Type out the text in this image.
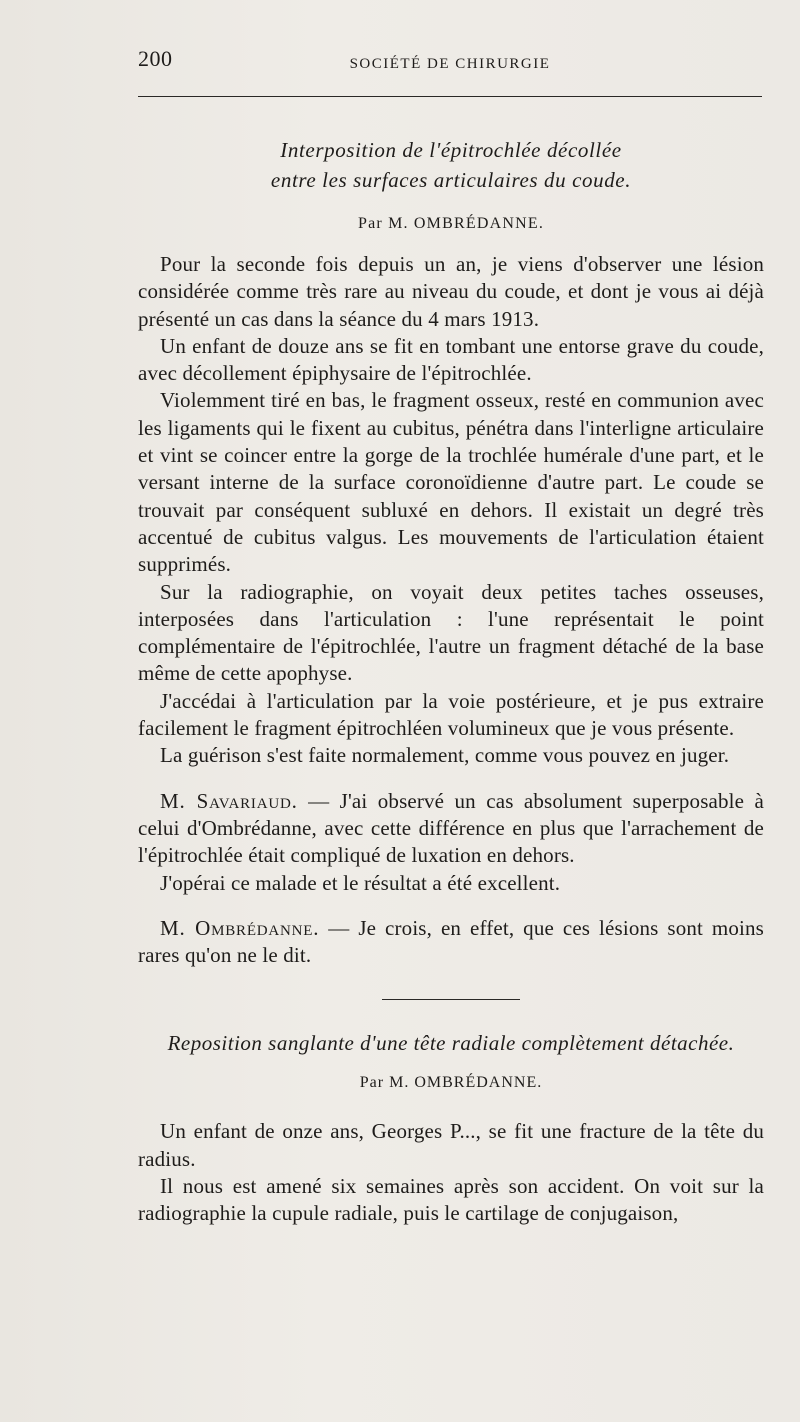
200	SOCIÉTÉ DE CHIRURGIE

Interposition de l'épitrochlée décollée
entre les surfaces articulaires du coude.

Par M. OMBRÉDANNE.

Pour la seconde fois depuis un an, je viens d'observer une lésion considérée comme très rare au niveau du coude, et dont je vous ai déjà présenté un cas dans la séance du 4 mars 1913.

Un enfant de douze ans se fit en tombant une entorse grave du coude, avec décollement épiphysaire de l'épitrochlée.

Violemment tiré en bas, le fragment osseux, resté en communion avec les ligaments qui le fixent au cubitus, pénétra dans l'interligne articulaire et vint se coincer entre la gorge de la trochlée humérale d'une part, et le versant interne de la surface coronoïdienne d'autre part. Le coude se trouvait par conséquent subluxé en dehors. Il existait un degré très accentué de cubitus valgus. Les mouvements de l'articulation étaient supprimés.

Sur la radiographie, on voyait deux petites taches osseuses, interposées dans l'articulation : l'une représentait le point complémentaire de l'épitrochlée, l'autre un fragment détaché de la base même de cette apophyse.

J'accédai à l'articulation par la voie postérieure, et je pus extraire facilement le fragment épitrochléen volumineux que je vous présente.

La guérison s'est faite normalement, comme vous pouvez en juger.

M. Savariaud. — J'ai observé un cas absolument superposable à celui d'Ombrédanne, avec cette différence en plus que l'arrachement de l'épitrochlée était compliqué de luxation en dehors.

J'opérai ce malade et le résultat a été excellent.

M. Ombrédanne. — Je crois, en effet, que ces lésions sont moins rares qu'on ne le dit.

Reposition sanglante d'une tête radiale complètement détachée.

Par M. OMBRÉDANNE.

Un enfant de onze ans, Georges P..., se fit une fracture de la tête du radius.

Il nous est amené six semaines après son accident. On voit sur la radiographie la cupule radiale, puis le cartilage de conjugaison,
